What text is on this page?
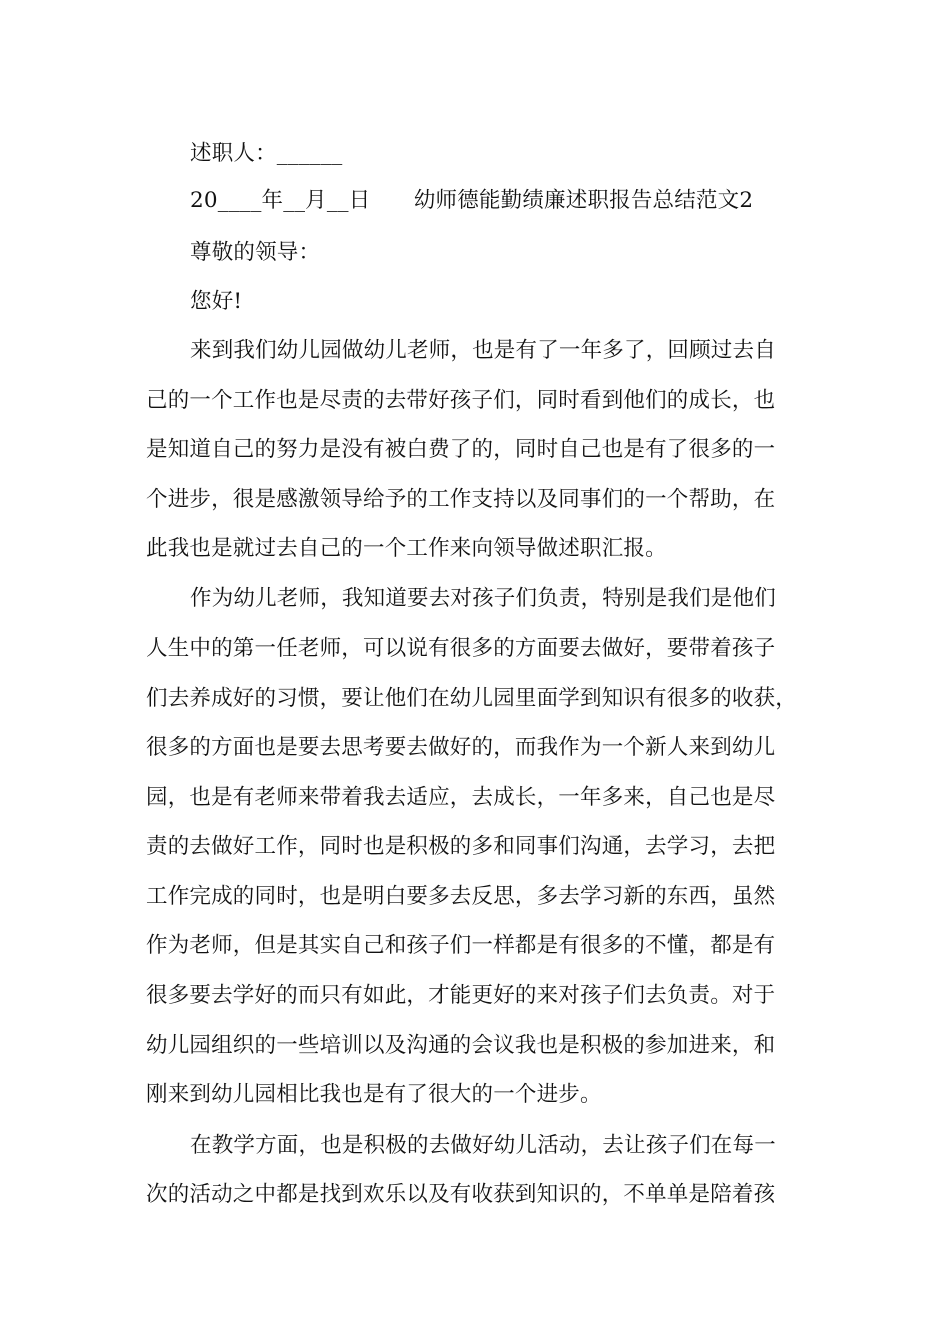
述职人：______
20____年__月__日　　幼师德能勤绩廉述职报告总结范文2
尊敬的领导：
您好!
来到我们幼儿园做幼儿老师，也是有了一年多了，回顾过去自
己的一个工作也是尽责的去带好孩子们，同时看到他们的成长，也
是知道自己的努力是没有被白费了的，同时自己也是有了很多的一
个进步，很是感激领导给予的工作支持以及同事们的一个帮助，在
此我也是就过去自己的一个工作来向领导做述职汇报。
作为幼儿老师，我知道要去对孩子们负责，特别是我们是他们
人生中的第一任老师，可以说有很多的方面要去做好，要带着孩子
们去养成好的习惯，要让他们在幼儿园里面学到知识有很多的收获，
很多的方面也是要去思考要去做好的，而我作为一个新人来到幼儿
园，也是有老师来带着我去适应，去成长，一年多来，自己也是尽
责的去做好工作，同时也是积极的多和同事们沟通，去学习，去把
工作完成的同时，也是明白要多去反思，多去学习新的东西，虽然
作为老师，但是其实自己和孩子们一样都是有很多的不懂，都是有
很多要去学好的而只有如此，才能更好的来对孩子们去负责。对于
幼儿园组织的一些培训以及沟通的会议我也是积极的参加进来，和
刚来到幼儿园相比我也是有了很大的一个进步。
在教学方面，也是积极的去做好幼儿活动，去让孩子们在每一
次的活动之中都是找到欢乐以及有收获到知识的，不单单是陪着孩
